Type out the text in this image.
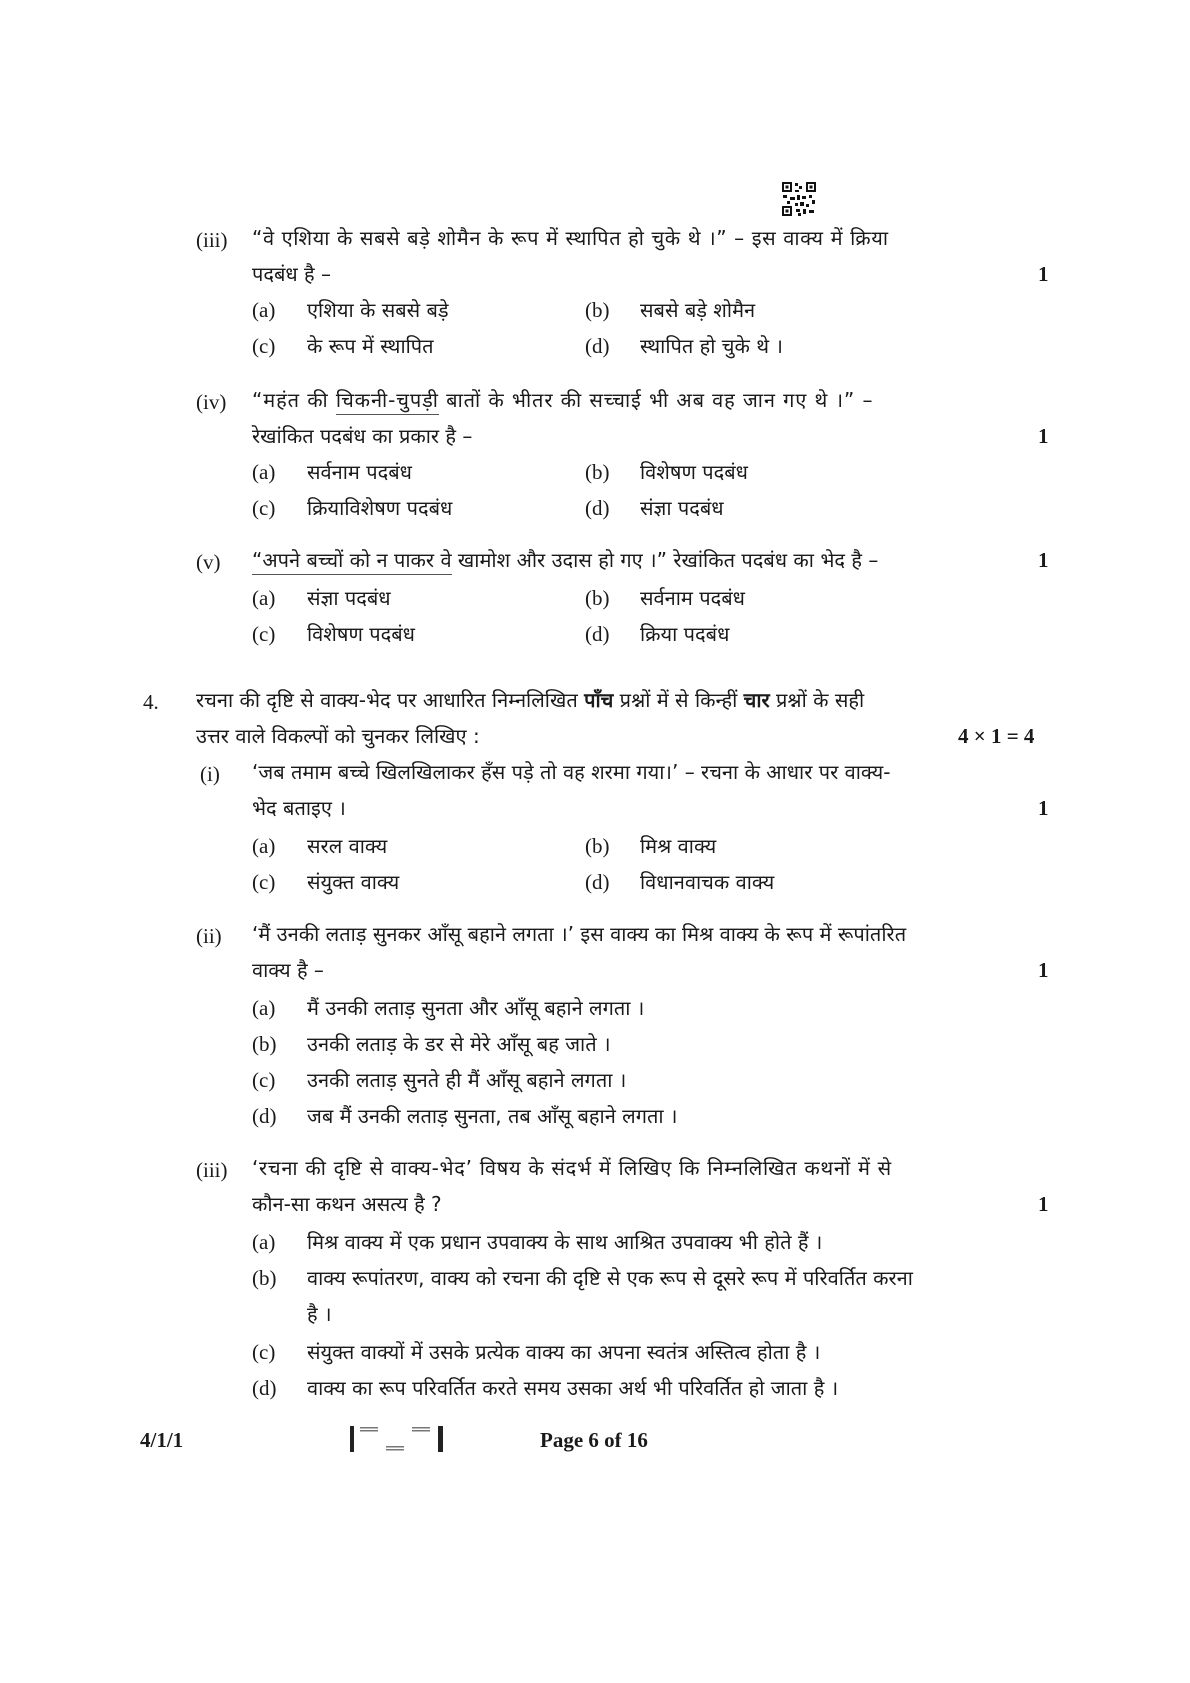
(iii) “वे एशिया के सबसे बड़े शोमैन के रूप में स्थापित हो चुके थे ।” – इस वाक्य में क्रिया
पदबंध है –	1
(a) एशिया के सबसे बड़े	(b) सबसे बड़े शोमैन
(c) के रूप में स्थापित	(d) स्थापित हो चुके थे ।
(iv) “महंत की चिकनी-चुपड़ी बातों के भीतर की सच्चाई भी अब वह जान गए थे ।” –
रेखांकित पदबंध का प्रकार है –	1
(a) सर्वनाम पदबंध	(b) विशेषण पदबंध
(c) क्रियाविशेषण पदबंध	(d) संज्ञा पदबंध
(v) “अपने बच्चों को न पाकर वे खामोश और उदास हो गए ।” रेखांकित पदबंध का भेद है –	1
(a) संज्ञा पदबंध	(b) सर्वनाम पदबंध
(c) विशेषण पदबंध	(d) क्रिया पदबंध
4. रचना की दृष्टि से वाक्य-भेद पर आधारित निम्नलिखित पाँच प्रश्नों में से किन्हीं चार प्रश्नों के सही
उत्तर वाले विकल्पों को चुनकर लिखिए :	4 × 1 = 4
(i) ‘जब तमाम बच्चे खिलखिलाकर हँस पड़े तो वह शरमा गया।’ – रचना के आधार पर वाक्य-
भेद बताइए ।	1
(a) सरल वाक्य	(b) मिश्र वाक्य
(c) संयुक्त वाक्य	(d) विधानवाचक वाक्य
(ii) ‘मैं उनकी लताड़ सुनकर आँसू बहाने लगता ।’ इस वाक्य का मिश्र वाक्य के रूप में रूपांतरित
वाक्य है –	1
(a) मैं उनकी लताड़ सुनता और आँसू बहाने लगता ।
(b) उनकी लताड़ के डर से मेरे आँसू बह जाते ।
(c) उनकी लताड़ सुनते ही मैं आँसू बहाने लगता ।
(d) जब मैं उनकी लताड़ सुनता, तब आँसू बहाने लगता ।
(iii) ‘रचना की दृष्टि से वाक्य-भेद’ विषय के संदर्भ में लिखिए कि निम्नलिखित कथनों में से
कौन-सा कथन असत्य है ?	1
(a) मिश्र वाक्य में एक प्रधान उपवाक्य के साथ आश्रित उपवाक्य भी होते हैं ।
(b) वाक्य रूपांतरण, वाक्य को रचना की दृष्टि से एक रूप से दूसरे रूप में परिवर्तित करना
है ।
(c) संयुक्त वाक्यों में उसके प्रत्येक वाक्य का अपना स्वतंत्र अस्तित्व होता है ।
(d) वाक्य का रूप परिवर्तित करते समय उसका अर्थ भी परिवर्तित हो जाता है ।
4/1/1	Page 6 of 16
